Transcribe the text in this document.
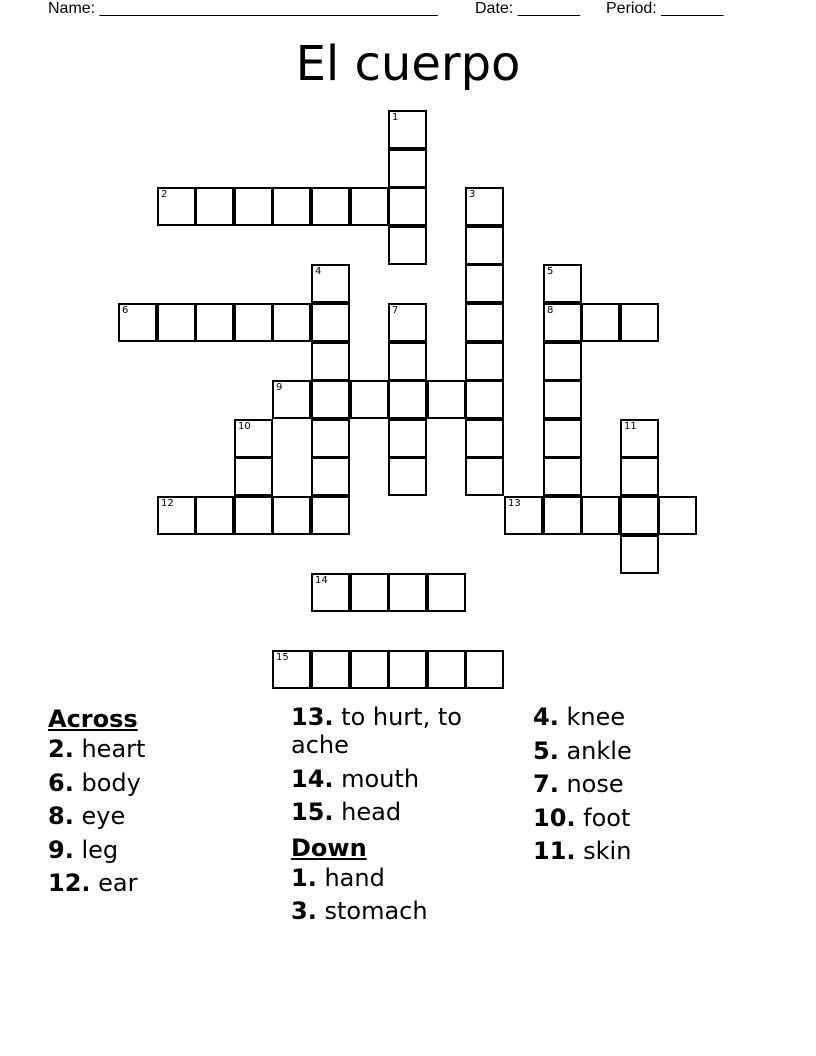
Name: ______________________________________ Date: _______ Period: _______
El cuerpo
1
2	3
4	5
6	7	8
9
10	11
12	13
14
15
Across
2. heart
6. body
8. eye
9. leg
12. ear
13. to hurt, to ache
14. mouth
15. head
Down
1. hand
3. stomach
4. knee
5. ankle
7. nose
10. foot
11. skin
